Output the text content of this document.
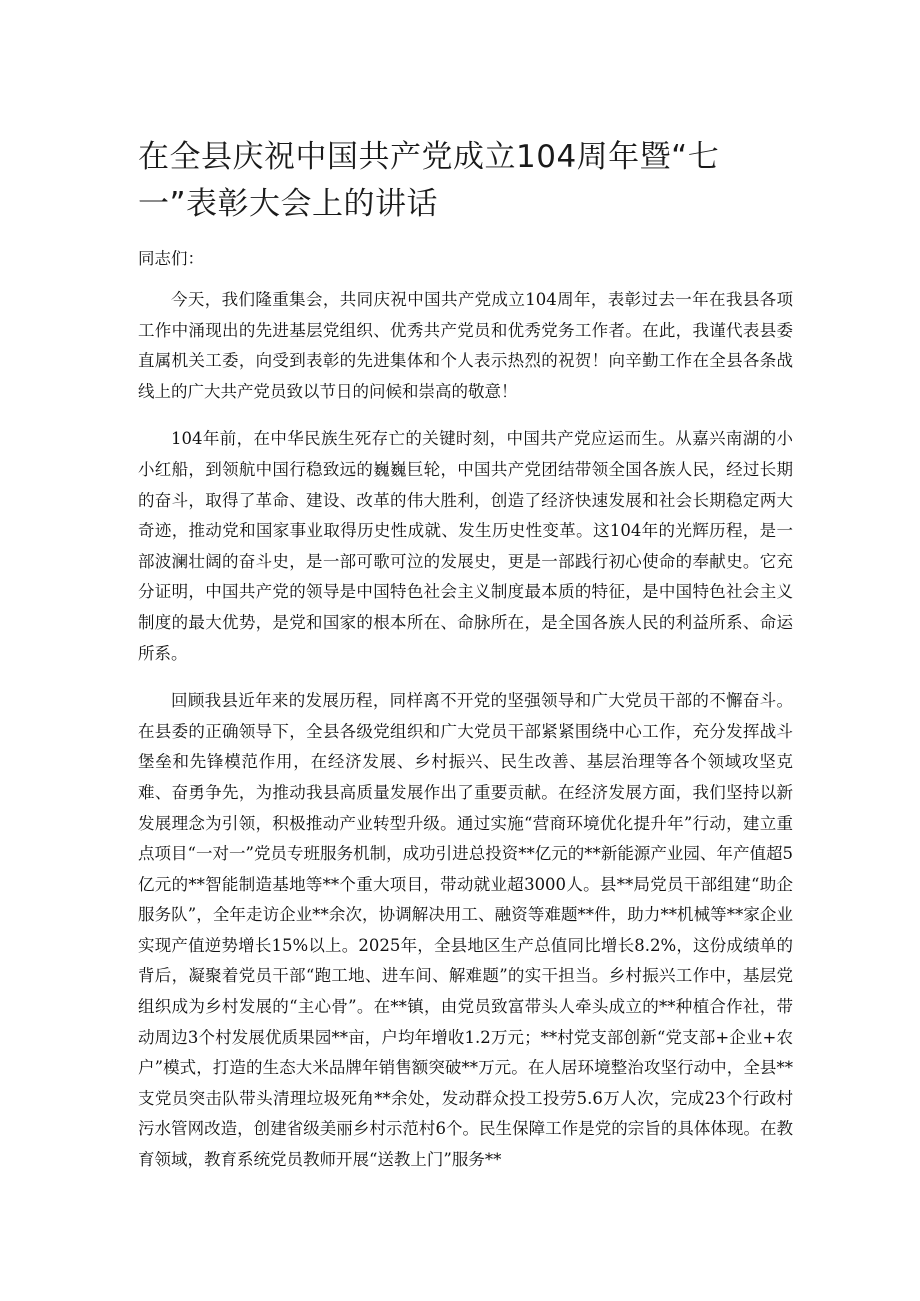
在全县庆祝中国共产党成立104周年暨“七一”表彰大会上的讲话

同志们：

今天，我们隆重集会，共同庆祝中国共产党成立104周年，表彰过去一年在我县各项工作中涌现出的先进基层党组织、优秀共产党员和优秀党务工作者。在此，我谨代表县委直属机关工委，向受到表彰的先进集体和个人表示热烈的祝贺！向辛勤工作在全县各条战线上的广大共产党员致以节日的问候和崇高的敬意！

104年前，在中华民族生死存亡的关键时刻，中国共产党应运而生。从嘉兴南湖的小小红船，到领航中国行稳致远的巍巍巨轮，中国共产党团结带领全国各族人民，经过长期的奋斗，取得了革命、建设、改革的伟大胜利，创造了经济快速发展和社会长期稳定两大奇迹，推动党和国家事业取得历史性成就、发生历史性变革。这104年的光辉历程，是一部波澜壮阔的奋斗史，是一部可歌可泣的发展史，更是一部践行初心使命的奉献史。它充分证明，中国共产党的领导是中国特色社会主义制度最本质的特征，是中国特色社会主义制度的最大优势，是党和国家的根本所在、命脉所在，是全国各族人民的利益所系、命运所系。

回顾我县近年来的发展历程，同样离不开党的坚强领导和广大党员干部的不懈奋斗。在县委的正确领导下，全县各级党组织和广大党员干部紧紧围绕中心工作，充分发挥战斗堡垒和先锋模范作用，在经济发展、乡村振兴、民生改善、基层治理等各个领域攻坚克难、奋勇争先，为推动我县高质量发展作出了重要贡献。在经济发展方面，我们坚持以新发展理念为引领，积极推动产业转型升级。通过实施“营商环境优化提升年”行动，建立重点项目“一对一”党员专班服务机制，成功引进总投资**亿元的**新能源产业园、年产值超5亿元的**智能制造基地等**个重大项目，带动就业超3000人。县**局党员干部组建“助企服务队”，全年走访企业**余次，协调解决用工、融资等难题**件，助力**机械等**家企业实现产值逆势增长15%以上。2025年，全县地区生产总值同比增长8.2%，这份成绩单的背后，凝聚着党员干部“跑工地、进车间、解难题”的实干担当。乡村振兴工作中，基层党组织成为乡村发展的“主心骨”。在**镇，由党员致富带头人牵头成立的**种植合作社，带动周边3个村发展优质果园**亩，户均年增收1.2万元；**村党支部创新“党支部+企业+农户”模式，打造的生态大米品牌年销售额突破**万元。在人居环境整治攻坚行动中，全县**支党员突击队带头清理垃圾死角**余处，发动群众投工投劳5.6万人次，完成23个行政村污水管网改造，创建省级美丽乡村示范村6个。民生保障工作是党的宗旨的具体体现。在教育领域，教育系统党员教师开展“送教上门”服务**
